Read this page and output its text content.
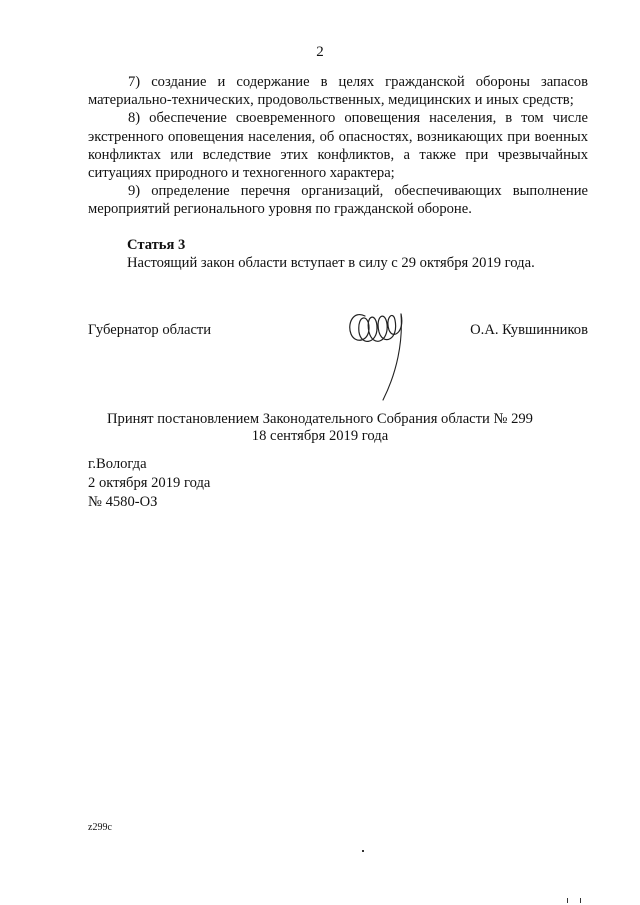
2

7) создание и содержание в целях гражданской обороны запасов материально-технических, продовольственных, медицинских и иных средств;

8) обеспечение своевременного оповещения населения, в том числе экстренного оповещения населения, об опасностях, возникающих при военных конфликтах или вследствие этих конфликтов, а также при чрезвычайных ситуациях природного и техногенного характера;

9) определение перечня организаций, обеспечивающих выполнение мероприятий регионального уровня по гражданской обороне.

Статья 3
Настоящий закон области вступает в силу с 29 октября 2019 года.
Губернатор области	О.А. Кувшинников
Принят постановлением Законодательного Собрания области № 299
18 сентября 2019 года
г.Вологда
2 октября 2019 года
№ 4580-ОЗ
z299c
